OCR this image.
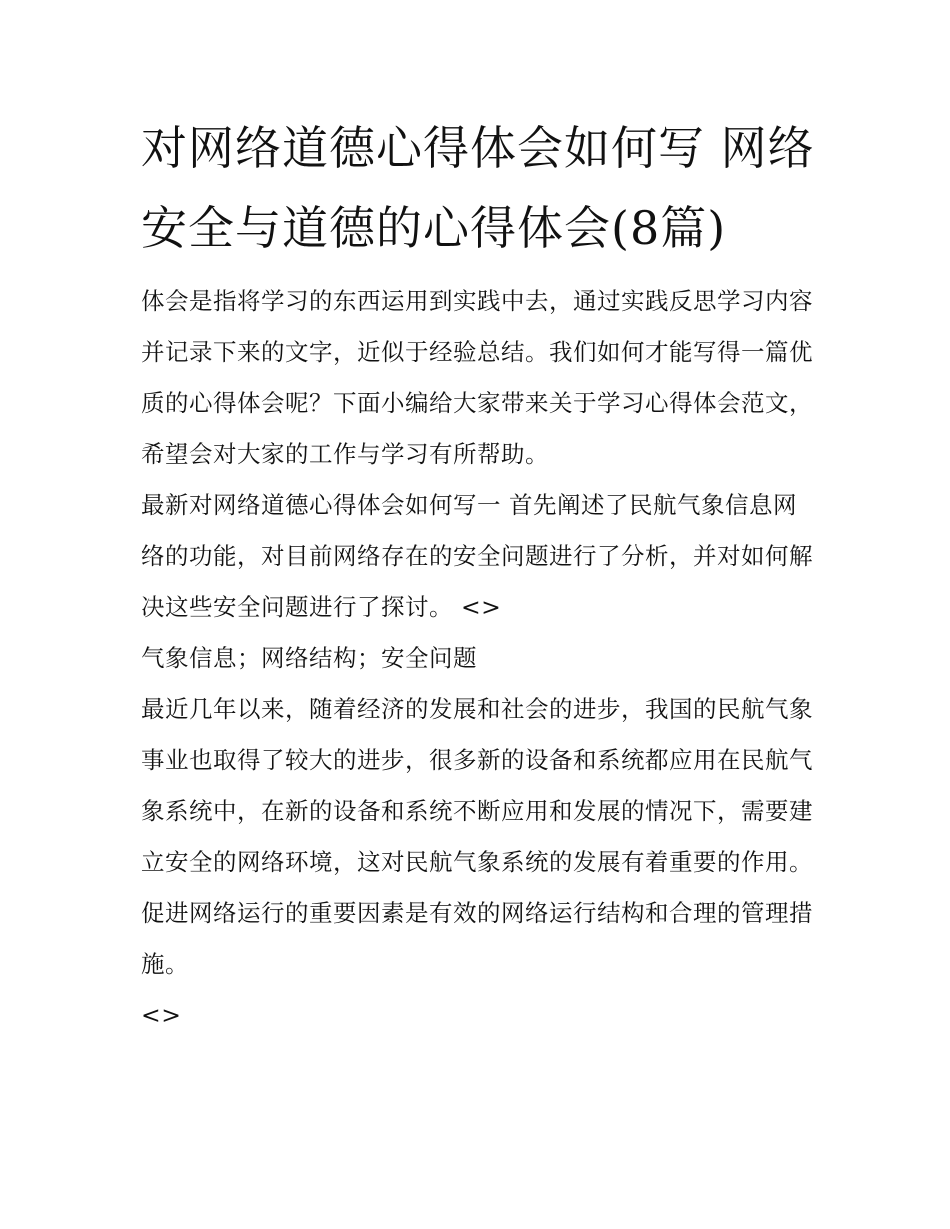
对网络道德心得体会如何写 网络安全与道德的心得体会(8篇)

体会是指将学习的东西运用到实践中去，通过实践反思学习内容并记录下来的文字，近似于经验总结。我们如何才能写得一篇优质的心得体会呢？下面小编给大家带来关于学习心得体会范文，希望会对大家的工作与学习有所帮助。

最新对网络道德心得体会如何写一 首先阐述了民航气象信息网络的功能，对目前网络存在的安全问题进行了分析，并对如何解决这些安全问题进行了探讨。 <>

气象信息；网络结构；安全问题

最近几年以来，随着经济的发展和社会的进步，我国的民航气象事业也取得了较大的进步，很多新的设备和系统都应用在民航气象系统中，在新的设备和系统不断应用和发展的情况下，需要建立安全的网络环境，这对民航气象系统的发展有着重要的作用。促进网络运行的重要因素是有效的网络运行结构和合理的管理措施。

<>
